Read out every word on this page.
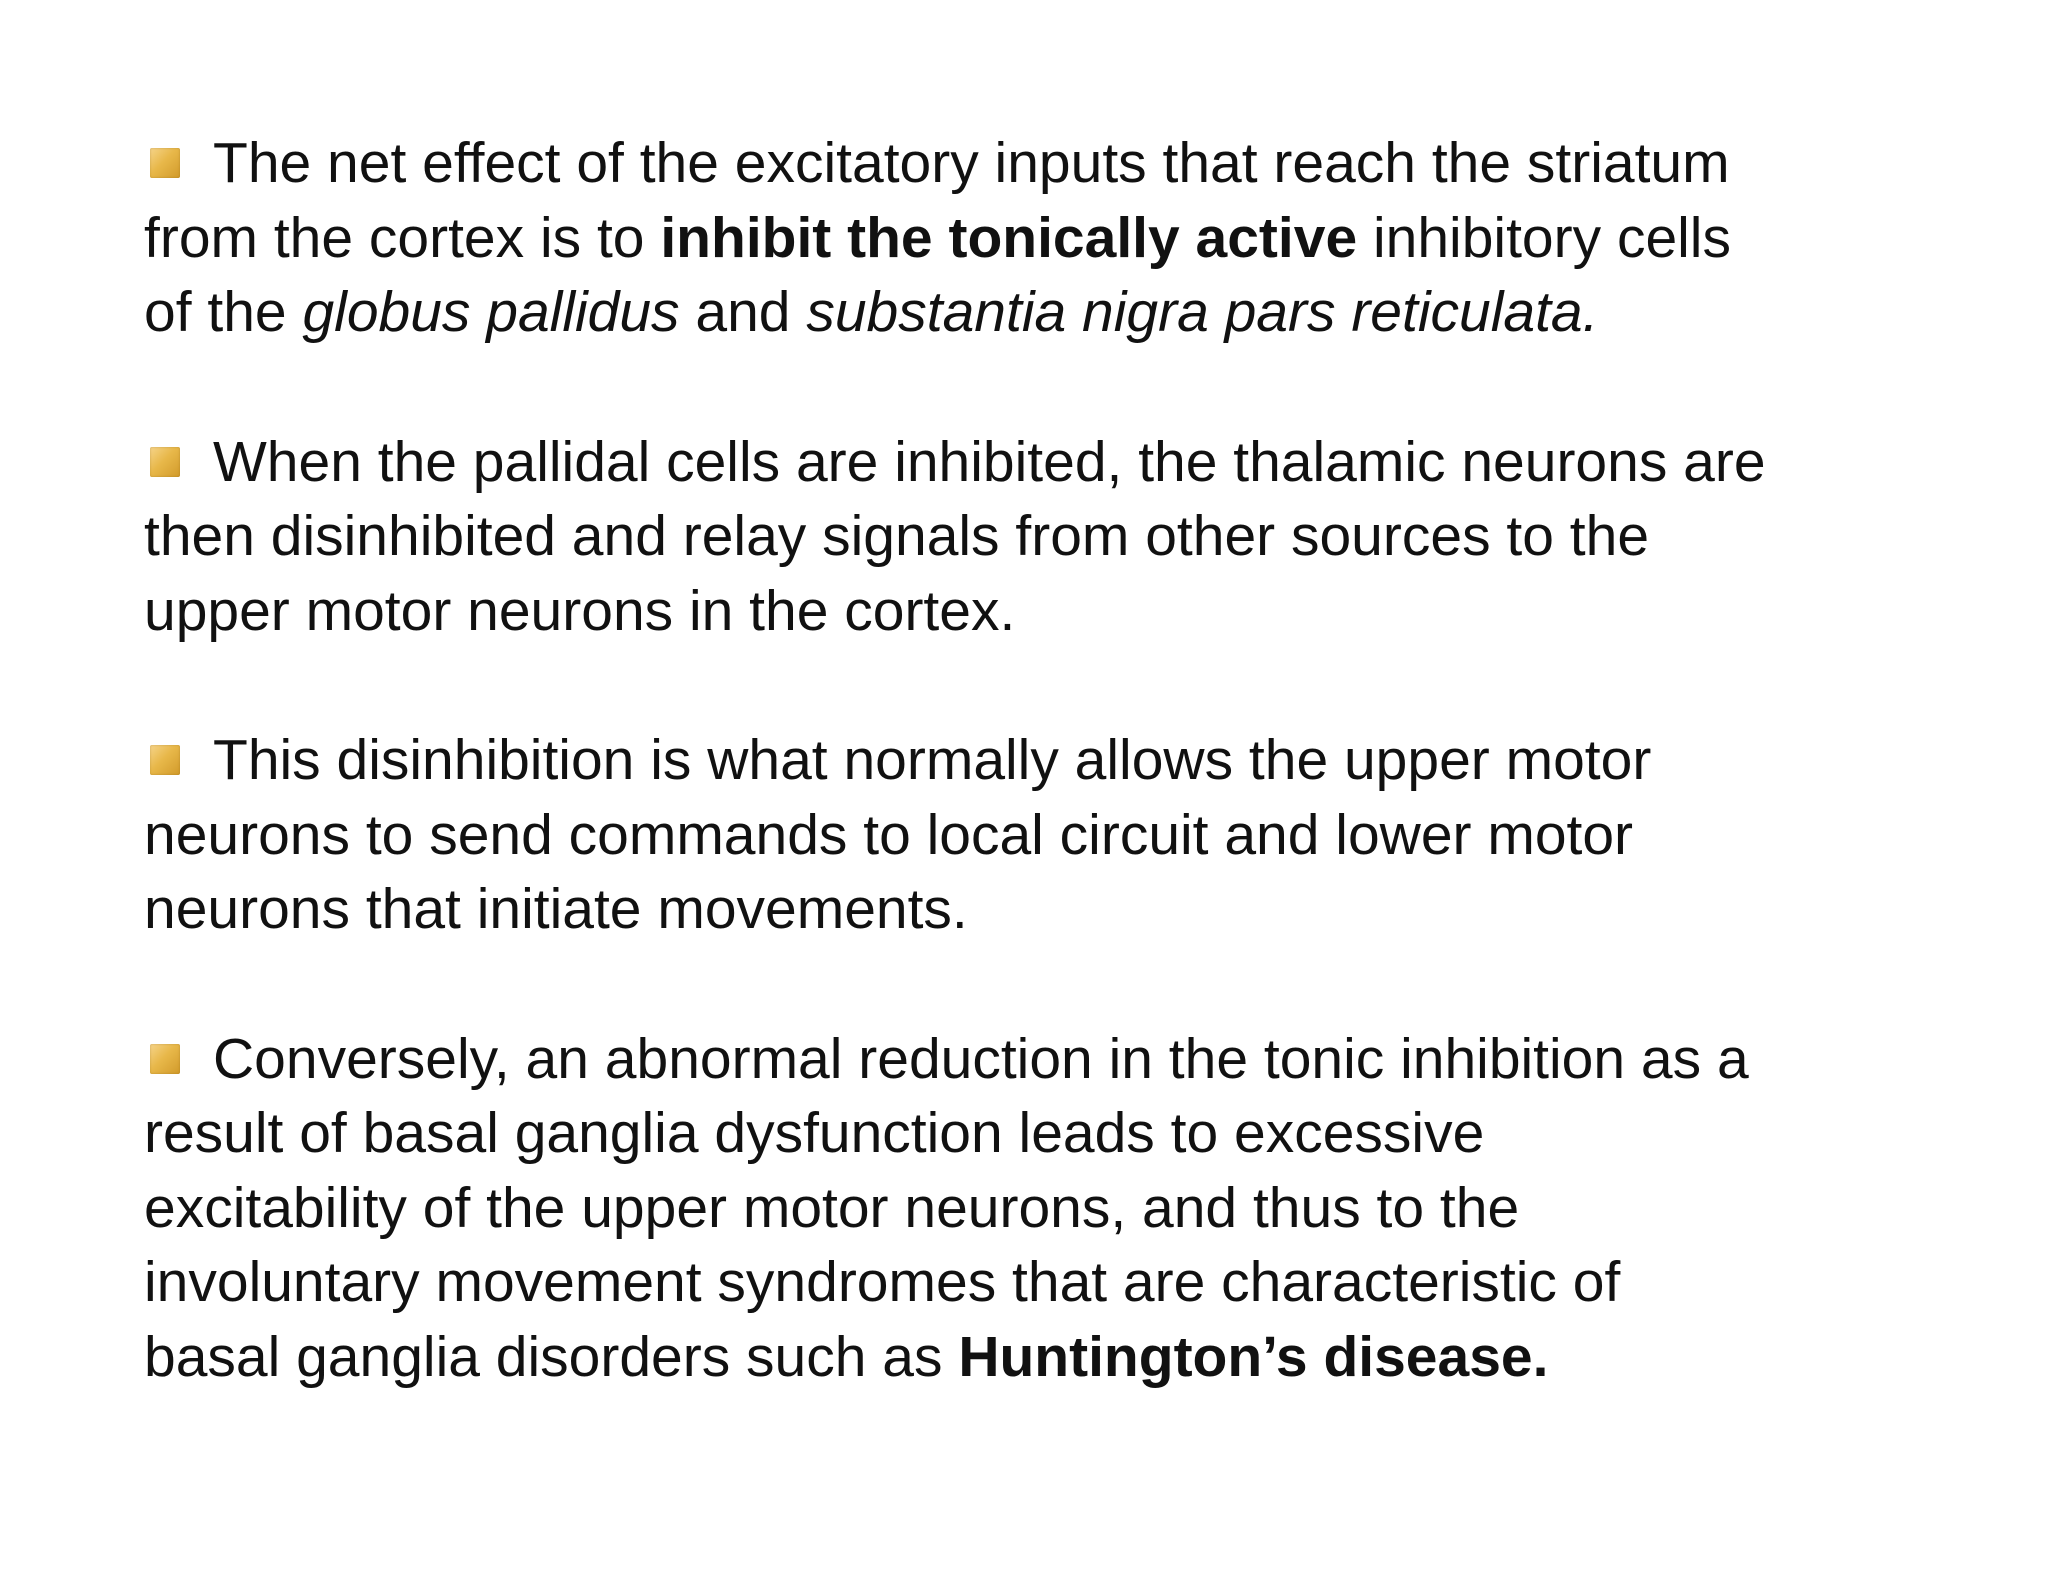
The net effect of the excitatory inputs that reach the striatum
from the cortex is to inhibit the tonically active inhibitory cells
of the globus pallidus and substantia nigra pars reticulata.
When the pallidal cells are inhibited, the thalamic neurons are
then disinhibited and relay signals from other sources to the
upper motor neurons in the cortex.
This disinhibition is what normally allows the upper motor
neurons to send commands to local circuit and lower motor
neurons that initiate movements.
Conversely, an abnormal reduction in the tonic inhibition as a
result of basal ganglia dysfunction leads to excessive
excitability of the upper motor neurons, and thus to the
involuntary movement syndromes that are characteristic of
basal ganglia disorders such as Huntington’s disease.
